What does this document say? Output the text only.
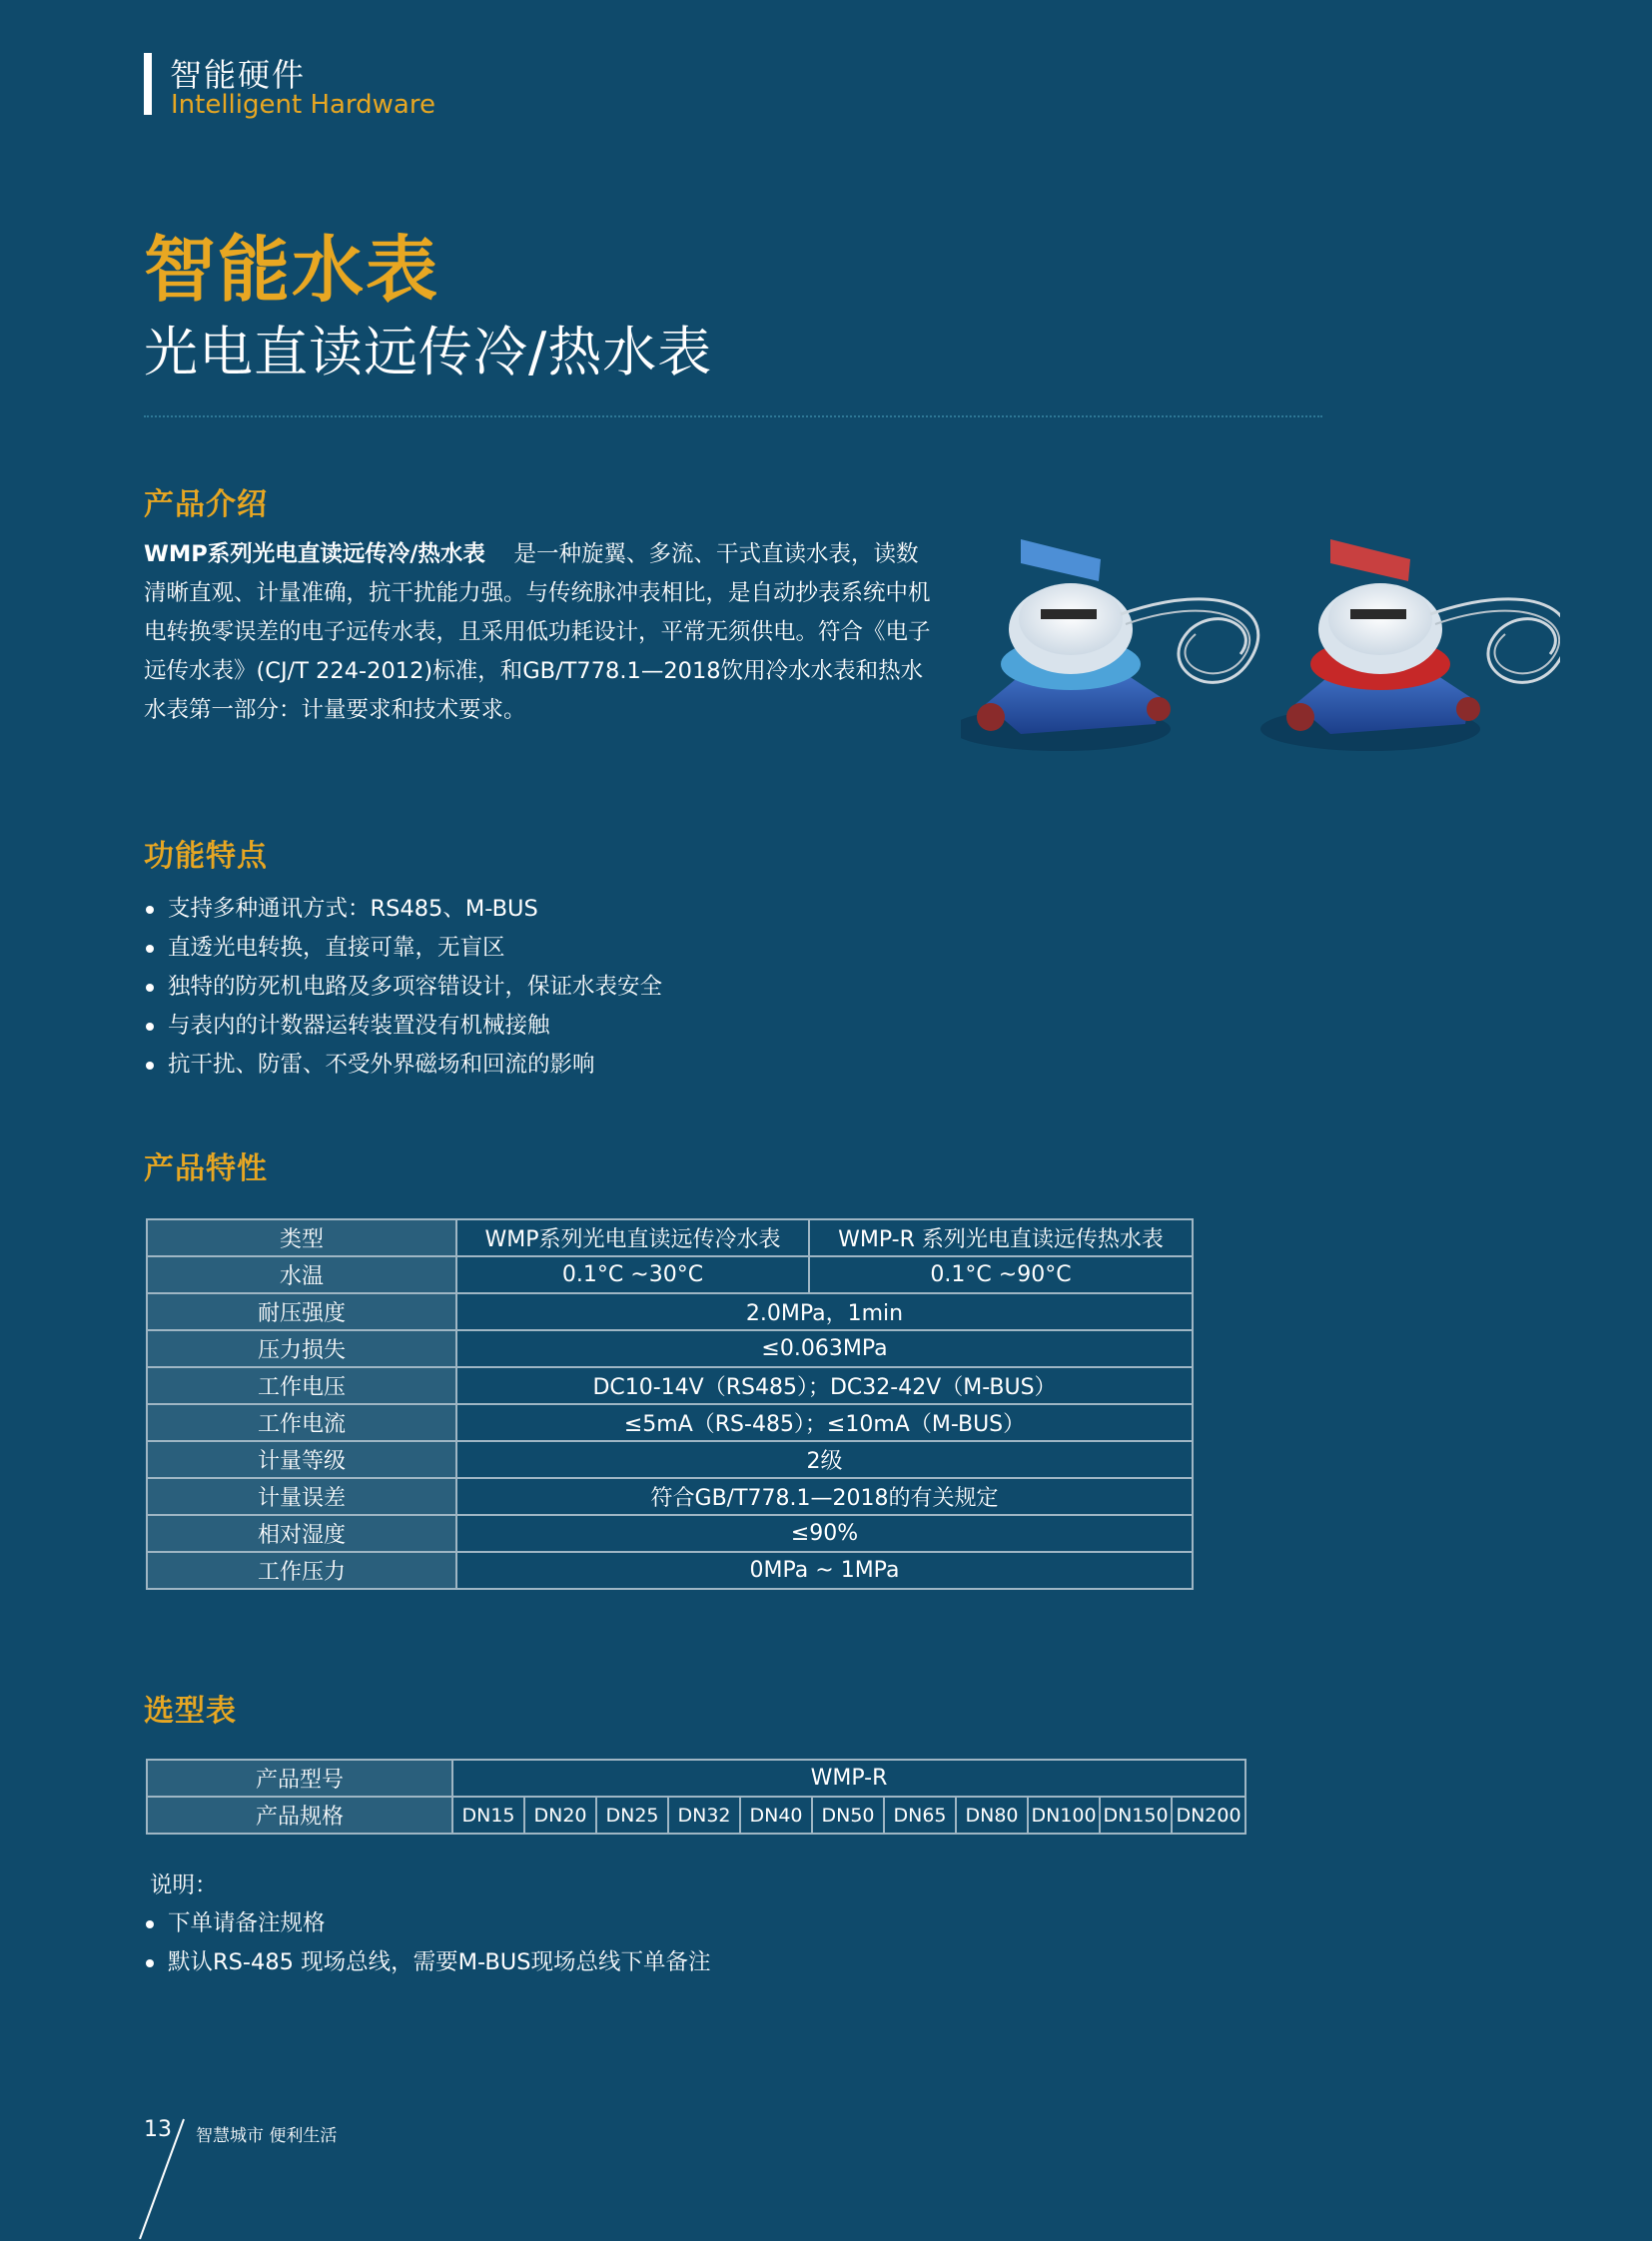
智能硬件
Intelligent Hardware
智能水表
光电直读远传冷/热水表
产品介绍
WMP系列光电直读远传冷/热水表 是一种旋翼、多流、干式直读水表，读数清晰直观、计量准确，抗干扰能力强。与传统脉冲表相比，是自动抄表系统中机电转换零误差的电子远传水表，且采用低功耗设计，平常无须供电。符合《电子远传水表》(CJ/T 224-2012)标准，和GB/T778.1—2018饮用冷水水表和热水水表第一部分：计量要求和技术要求。
功能特点
支持多种通讯方式：RS485、M-BUS
直透光电转换，直接可靠，无盲区
独特的防死机电路及多项容错设计，保证水表安全
与表内的计数器运转装置没有机械接触
抗干扰、防雷、不受外界磁场和回流的影响
产品特性
类型	WMP系列光电直读远传冷水表	WMP-R 系列光电直读远传热水表
水温	0.1°C ~30°C	0.1°C ~90°C
耐压强度	2.0MPa，1min	
压力损失	≤0.063MPa	
工作电压	DC10-14V（RS485）；DC32-42V（M-BUS）	
工作电流	≤5mA（RS-485）；≤10mA（M-BUS）	
计量等级	2级	
计量误差	符合GB/T778.1—2018的有关规定	
相对湿度	≤90%	
工作压力	0MPa ~ 1MPa	
选型表
产品型号	WMP-R										
产品规格	DN15	DN20	DN25	DN32	DN40	DN50	DN65	DN80	DN100	DN150	DN200
说明：
下单请备注规格
默认RS-485 现场总线，需要M-BUS现场总线下单备注
13 智慧城市 便利生活
